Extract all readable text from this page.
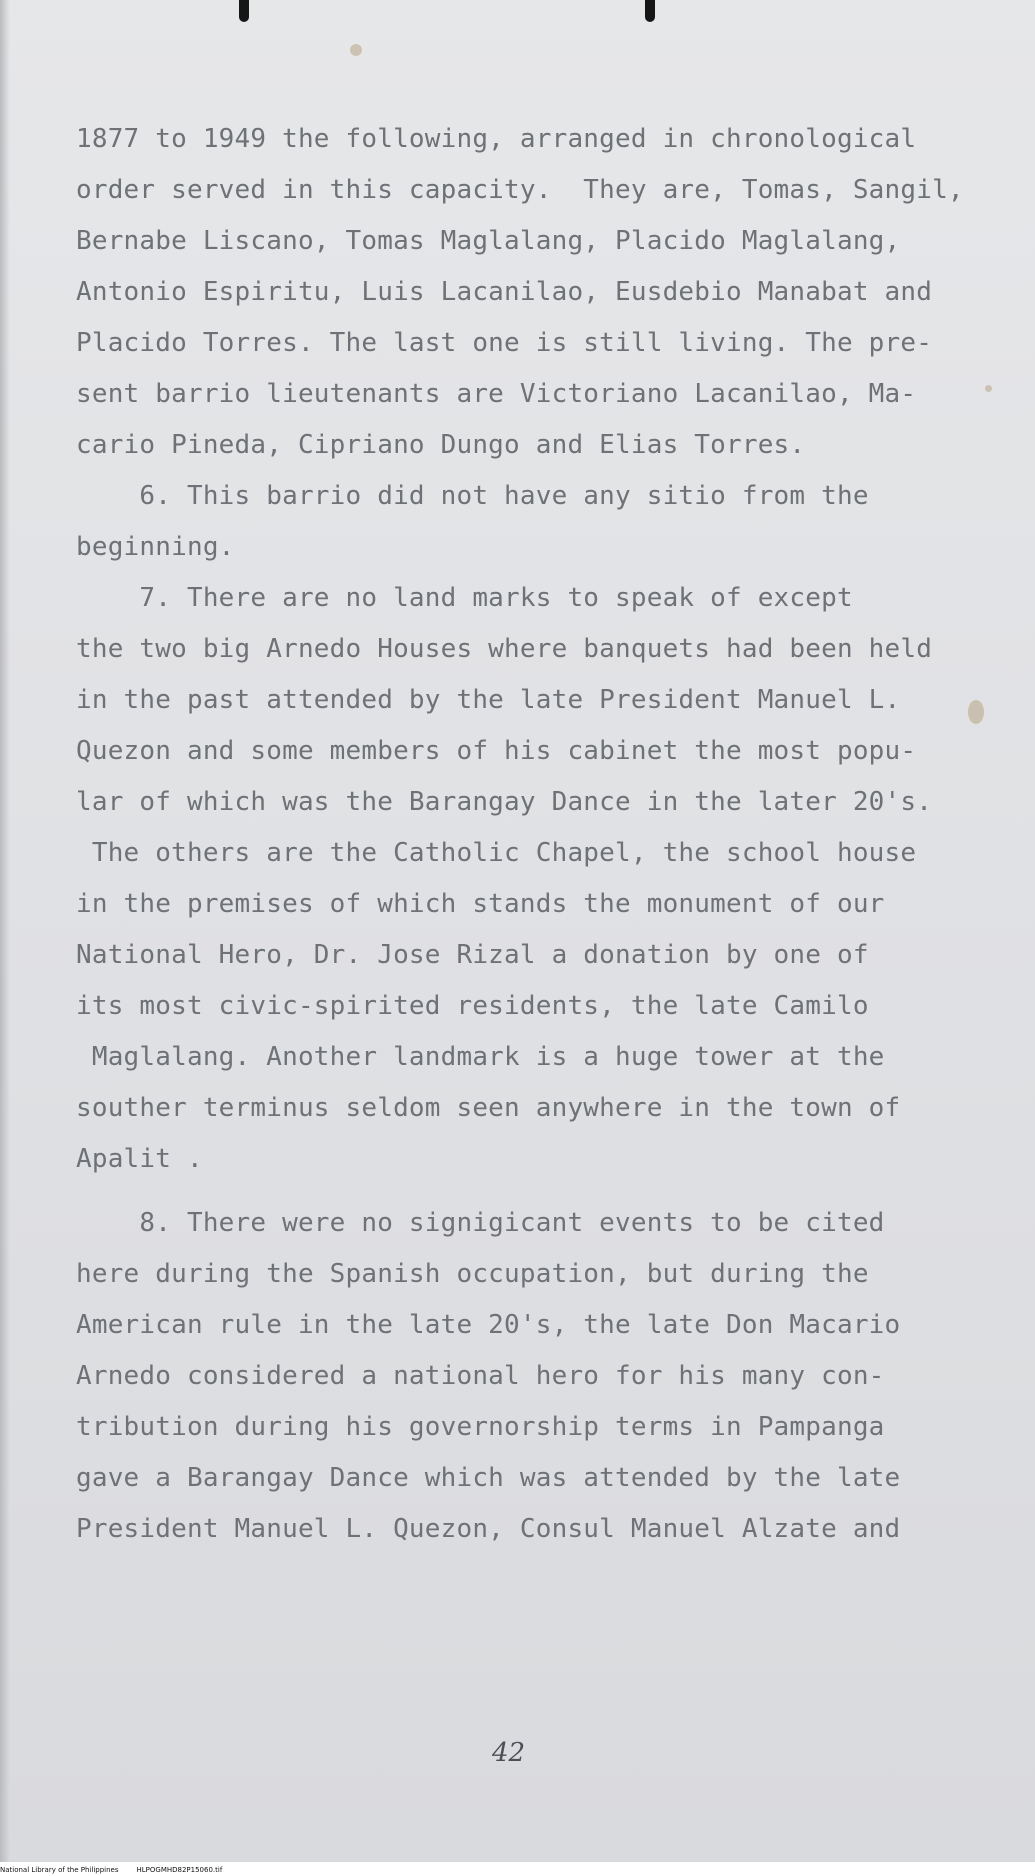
1877 to 1949 the following, arranged in chronological
order served in this capacity.  They are, Tomas, Sangil,
Bernabe Liscano, Tomas Maglalang, Placido Maglalang,
Antonio Espiritu, Luis Lacanilao, Eusdebio Manabat and
Placido Torres. The last one is still living. The pre-
sent barrio lieutenants are Victoriano Lacanilao, Ma-
cario Pineda, Cipriano Dungo and Elias Torres.
6. This barrio did not have any sitio from the
beginning.
7. There are no land marks to speak of except
the two big Arnedo Houses where banquets had been held
in the past attended by the late President Manuel L.
Quezon and some members of his cabinet the most popu-
lar of which was the Barangay Dance in the later 20's.
The others are the Catholic Chapel, the school house
in the premises of which stands the monument of our
National Hero, Dr. Jose Rizal a donation by one of
its most civic-spirited residents, the late Camilo
Maglalang. Another landmark is a huge tower at the
souther terminus seldom seen anywhere in the town of
Apalit .
8. There were no signigicant events to be cited
here during the Spanish occupation, but during the
American rule in the late 20's, the late Don Macario
Arnedo considered a national hero for his many con-
tribution during his governorship terms in Pampanga
gave a Barangay Dance which was attended by the late
President Manuel L. Quezon, Consul Manuel Alzate and
42
National Library of the Philippines	HLPOGMHD82P15060.tif
